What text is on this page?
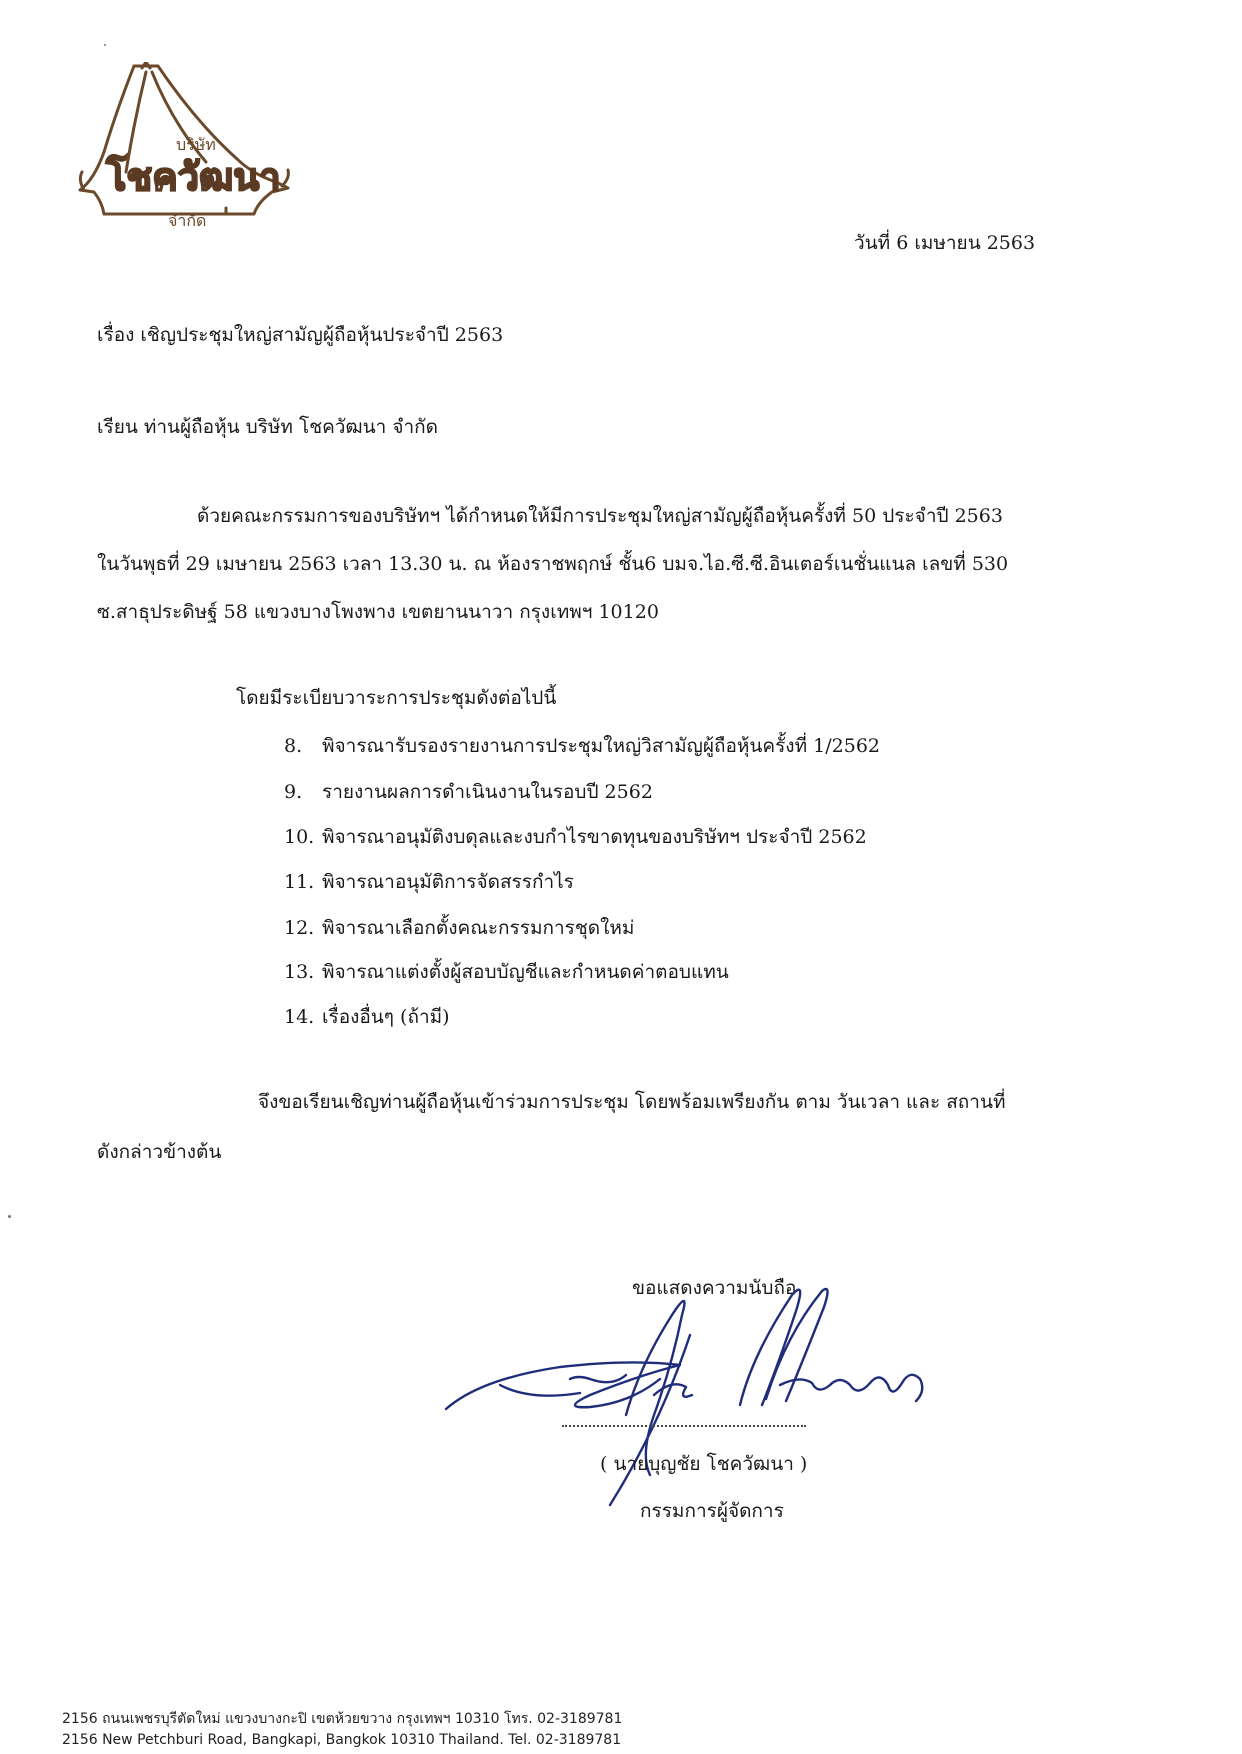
บริษัท
โชควัฒนา
จำกัด
วันที่ 6 เมษายน 2563
เรื่อง เชิญประชุมใหญ่สามัญผู้ถือหุ้นประจำปี 2563
เรียน ท่านผู้ถือหุ้น บริษัท โชควัฒนา จำกัด
ด้วยคณะกรรมการของบริษัทฯ ได้กำหนดให้มีการประชุมใหญ่สามัญผู้ถือหุ้นครั้งที่ 50 ประจำปี 2563
ในวันพุธที่ 29 เมษายน 2563 เวลา 13.30 น. ณ ห้องราชพฤกษ์ ชั้น6 บมจ.ไอ.ซี.ซี.อินเตอร์เนชั่นแนล เลขที่ 530
ซ.สาธุประดิษฐ์ 58 แขวงบางโพงพาง เขตยานนาวา กรุงเทพฯ 10120
โดยมีระเบียบวาระการประชุมดังต่อไปนี้
8. พิจารณารับรองรายงานการประชุมใหญ่วิสามัญผู้ถือหุ้นครั้งที่ 1/2562
9. รายงานผลการดำเนินงานในรอบปี 2562
10. พิจารณาอนุมัติงบดุลและงบกำไรขาดทุนของบริษัทฯ ประจำปี 2562
11. พิจารณาอนุมัติการจัดสรรกำไร
12. พิจารณาเลือกตั้งคณะกรรมการชุดใหม่
13. พิจารณาแต่งตั้งผู้สอบบัญชีและกำหนดค่าตอบแทน
14. เรื่องอื่นๆ (ถ้ามี)
จึงขอเรียนเชิญท่านผู้ถือหุ้นเข้าร่วมการประชุม โดยพร้อมเพรียงกัน ตาม วันเวลา และ สถานที่
ดังกล่าวข้างต้น
ขอแสดงความนับถือ
( นายบุญชัย โชควัฒนา )
กรรมการผู้จัดการ
2156 ถนนเพชรบุรีตัดใหม่ แขวงบางกะปิ เขตห้วยขวาง กรุงเทพฯ 10310 โทร. 02-3189781
2156 New Petchburi Road, Bangkapi, Bangkok 10310 Thailand. Tel. 02-3189781
